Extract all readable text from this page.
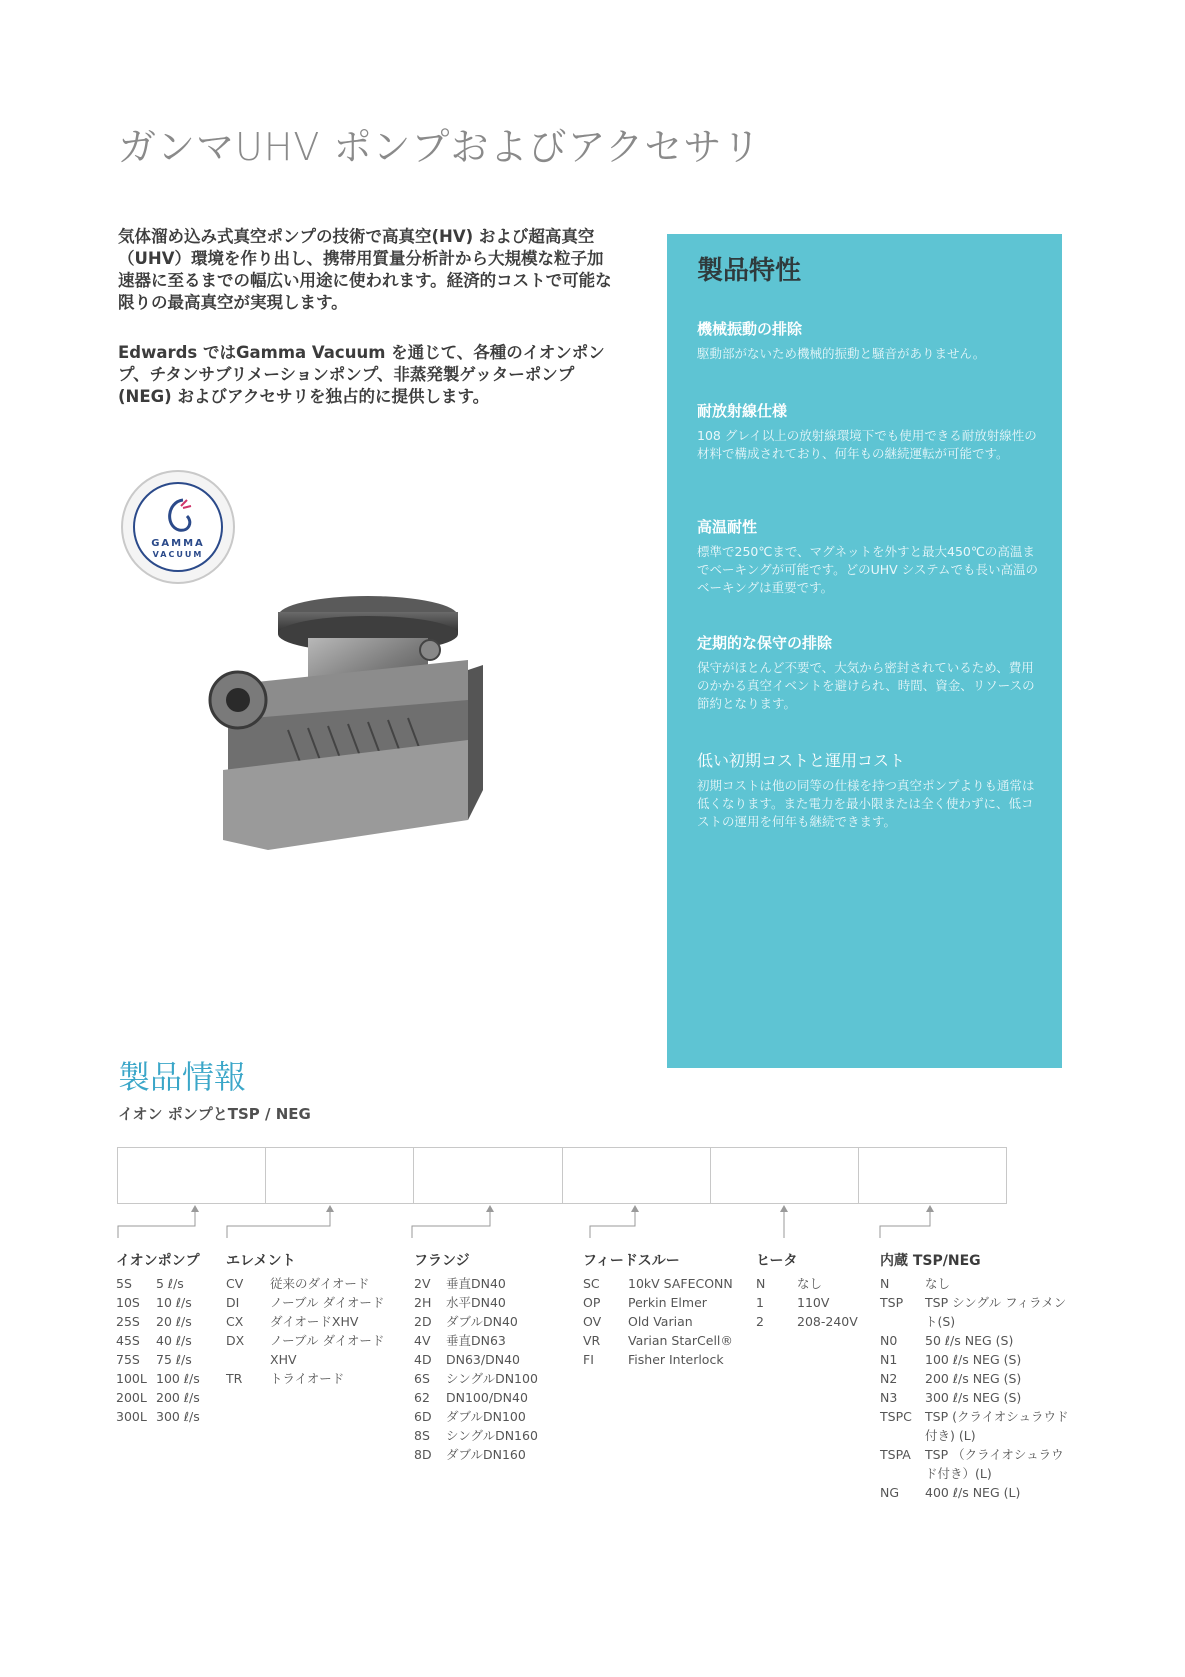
ガンマUHV ポンプおよびアクセサリ

気体溜め込み式真空ポンプの技術で高真空(HV) および超高真空（UHV）環境を作り出し、携帯用質量分析計から大規模な粒子加速器に至るまでの幅広い用途に使われます。経済的コストで可能な限りの最高真空が実現します。

Edwards ではGamma Vacuum を通じて、各種のイオンポンプ、チタンサブリメーションポンプ、非蒸発製ゲッターポンプ(NEG) およびアクセサリを独占的に提供します。

GAMMA
VACUUM
製品特性
機械振動の排除

駆動部がないため機械的振動と騒音がありません。

耐放射線仕様

108 グレイ以上の放射線環境下でも使用できる耐放射線性の材料で構成されており、何年もの継続運転が可能です。

高温耐性

標準で250℃まで、マグネットを外すと最大450℃の高温までベーキングが可能です。どのUHV システムでも長い高温のベーキングは重要です。

定期的な保守の排除

保守がほとんど不要で、大気から密封されているため、費用のかかる真空イベントを避けられ、時間、資金、リソースの節約となります。

低い初期コストと運用コスト

初期コストは他の同等の仕様を持つ真空ポンプよりも通常は低くなります。また電力を最小限または全く使わずに、低コストの運用を何年も継続できます。

製品情報
イオン ポンプとTSP / NEG
イオンポンプ
5S	5 ℓ/s
10S	10 ℓ/s
25S	20 ℓ/s
45S	40 ℓ/s
75S	75 ℓ/s
100L 100 ℓ/s
200L 200 ℓ/s
300L 300 ℓ/s
エレメント
CV	従来のダイオード
DI	ノーブル ダイオード
CX	ダイオードXHV
DX	ノーブル ダイオード XHV
TR	トライオード
フランジ
2V	垂直DN40
2H	水平DN40
2D	ダブルDN40
4V	垂直DN63
4D	DN63/DN40
6S	シングルDN100
62	DN100/DN40
6D	ダブルDN100
8S	シングルDN160
8D	ダブルDN160
フィードスルー
SC	10kV SAFECONN
OP	Perkin Elmer
OV	Old Varian
VR	Varian StarCell®
FI	Fisher Interlock
ヒータ
N	なし
1	110V
2	208-240V
内蔵 TSP/NEG
N	なし
TSP	TSP シングル フィラメント(S)
N0	50 ℓ/s NEG (S)
N1	100 ℓ/s NEG (S)
N2	200 ℓ/s NEG (S)
N3	300 ℓ/s NEG (S)
TSPC	TSP (クライオシュラウド付き) (L)
TSPA	TSP （クライオシュラウド付き）(L)
NG	400 ℓ/s NEG (L)
